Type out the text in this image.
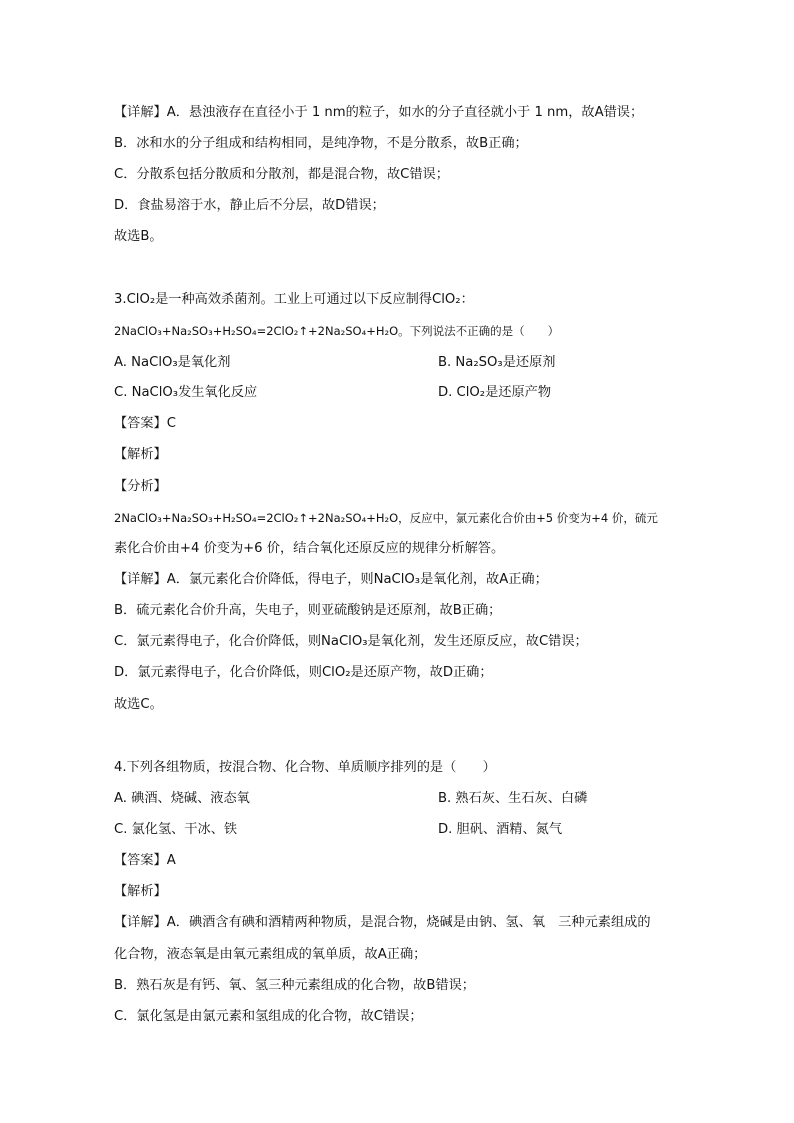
【详解】A．悬浊液存在直径小于 1 nm的粒子，如水的分子直径就小于 1 nm，故A错误；
B．冰和水的分子组成和结构相同，是纯净物，不是分散系，故B正确；
C．分散系包括分散质和分散剂，都是混合物，故C错误；
D．食盐易溶于水，静止后不分层，故D错误；
故选B。
3.ClO₂是一种高效杀菌剂。工业上可通过以下反应制得ClO₂：
2NaClO₃+Na₂SO₃+H₂SO₄=2ClO₂↑+2Na₂SO₄+H₂O。下列说法不正确的是（　　）
A. NaClO₃是氧化剂	B. Na₂SO₃是还原剂
C. NaClO₃发生氧化反应	D. ClO₂是还原产物
【答案】C
【解析】
【分析】
2NaClO₃+Na₂SO₃+H₂SO₄=2ClO₂↑+2Na₂SO₄+H₂O，反应中，氯元素化合价由+5 价变为+4 价，硫元
素化合价由+4 价变为+6 价，结合氧化还原反应的规律分析解答。
【详解】A．氯元素化合价降低，得电子，则NaClO₃是氧化剂，故A正确；
B．硫元素化合价升高，失电子，则亚硫酸钠是还原剂，故B正确；
C．氯元素得电子，化合价降低，则NaClO₃是氧化剂，发生还原反应，故C错误；
D．氯元素得电子，化合价降低，则ClO₂是还原产物，故D正确；
故选C。
4.下列各组物质，按混合物、化合物、单质顺序排列的是（　　）
A. 碘酒、烧碱、液态氧	B. 熟石灰、生石灰、白磷
C. 氯化氢、干冰、铁	D. 胆矾、酒精、氮气
【答案】A
【解析】
【详解】A．碘酒含有碘和酒精两种物质，是混合物，烧碱是由钠、氢、氧　三种元素组成的
化合物，液态氧是由氧元素组成的氧单质，故A正确；
B．熟石灰是有钙、氧、氢三种元素组成的化合物，故B错误；
C．氯化氢是由氯元素和氢组成的化合物，故C错误；
